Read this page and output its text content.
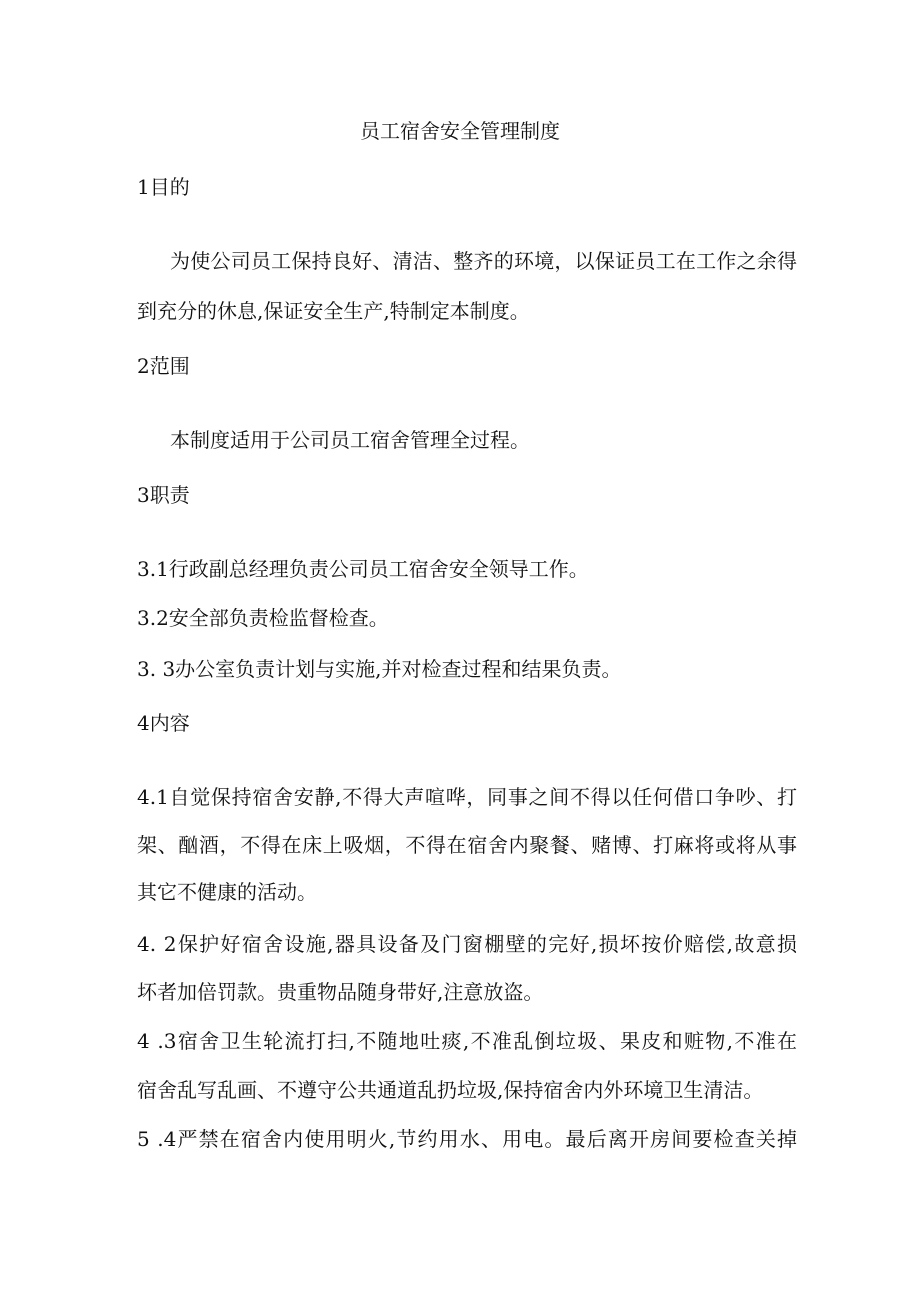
员工宿舍安全管理制度
1目的
为使公司员工保持良好、清洁、整齐的环境，以保证员工在工作之余得
到充分的休息,保证安全生产,特制定本制度。
2范围
本制度适用于公司员工宿舍管理全过程。
3职责
3.1行政副总经理负责公司员工宿舍安全领导工作。
3.2安全部负责检监督检查。
3. 3办公室负责计划与实施,并对检查过程和结果负责。
4内容
4.1自觉保持宿舍安静,不得大声喧哗，同事之间不得以任何借口争吵、打
架、酗酒，不得在床上吸烟，不得在宿舍内聚餐、赌博、打麻将或将从事
其它不健康的活动。
4. 2保护好宿舍设施,器具设备及门窗棚壁的完好,损坏按价赔偿,故意损
坏者加倍罚款。贵重物品随身带好,注意放盗。
4 .3宿舍卫生轮流打扫,不随地吐痰,不准乱倒垃圾、果皮和赃物,不准在
宿舍乱写乱画、不遵守公共通道乱扔垃圾,保持宿舍内外环境卫生清洁。
5 .4严禁在宿舍内使用明火,节约用水、用电。最后离开房间要检查关掉
